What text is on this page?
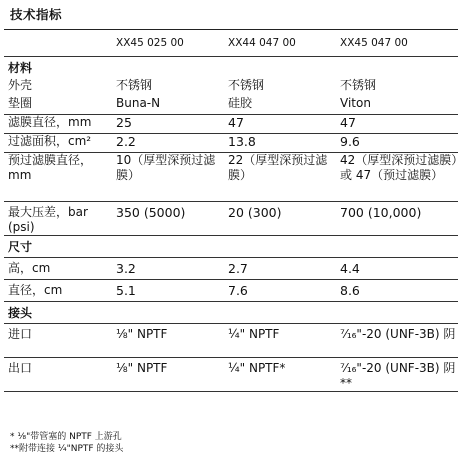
技术指标
	XX45 025 00	XX44 047 00	XX45 047 00
材料			
外壳	不锈钢	不锈钢	不锈钢
垫圈	Buna-N	硅胶	Viton
滤膜直径，mm	25	47	47
过滤面积，cm²	2.2	13.8	9.6
预过滤膜直径，mm	10（厚型深预过滤膜）	22（厚型深预过滤膜）	42（厚型深预过滤膜）或 47（预过滤膜）
最大压差，bar (psi)	350 (5000)	20 (300)	700 (10,000)
尺寸			
高，cm	3.2	2.7	4.4
直径，cm	5.1	7.6	8.6
接头			
进口	⅛" NPTF	¼" NPTF	⁷⁄₁₆"-20 (UNF-3B) 阴
出口	⅛" NPTF	¼" NPTF*	⁷⁄₁₆"-20 (UNF-3B) 阴**
* ⅛"带管塞的 NPTF 上游孔
**附带连接 ¼"NPTF 的接头
